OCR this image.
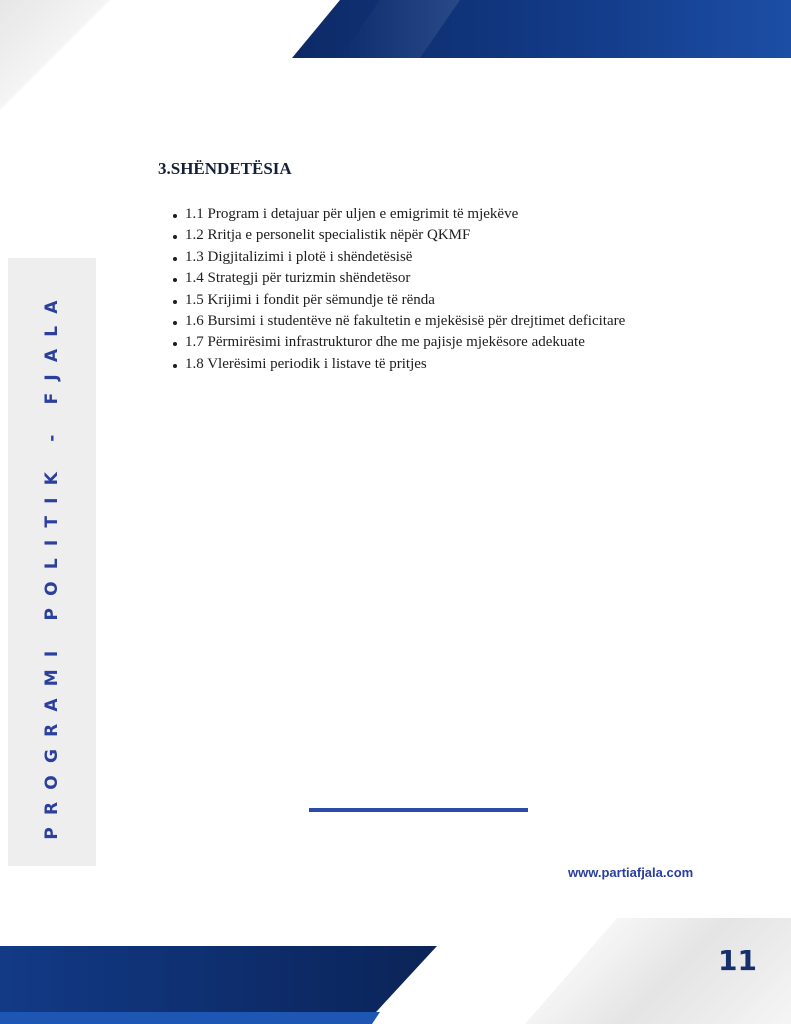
PROGRAMI POLITIK - FJALA
3.SHËNDETËSIA
1.1 Program i detajuar për uljen e emigrimit të mjekëve
1.2 Rritja e personelit specialistik nëpër QKMF
1.3 Digjitalizimi i plotë i shëndetësisë
1.4 Strategji për turizmin shëndetësor
1.5 Krijimi i fondit për sëmundje të rënda
1.6 Bursimi i studentëve në fakultetin e mjekësisë për drejtimet deficitare
1.7 Përmirësimi infrastrukturor dhe me pajisje mjekësore adekuate
1.8 Vlerësimi periodik i listave të pritjes
www.partiafjala.com
11
